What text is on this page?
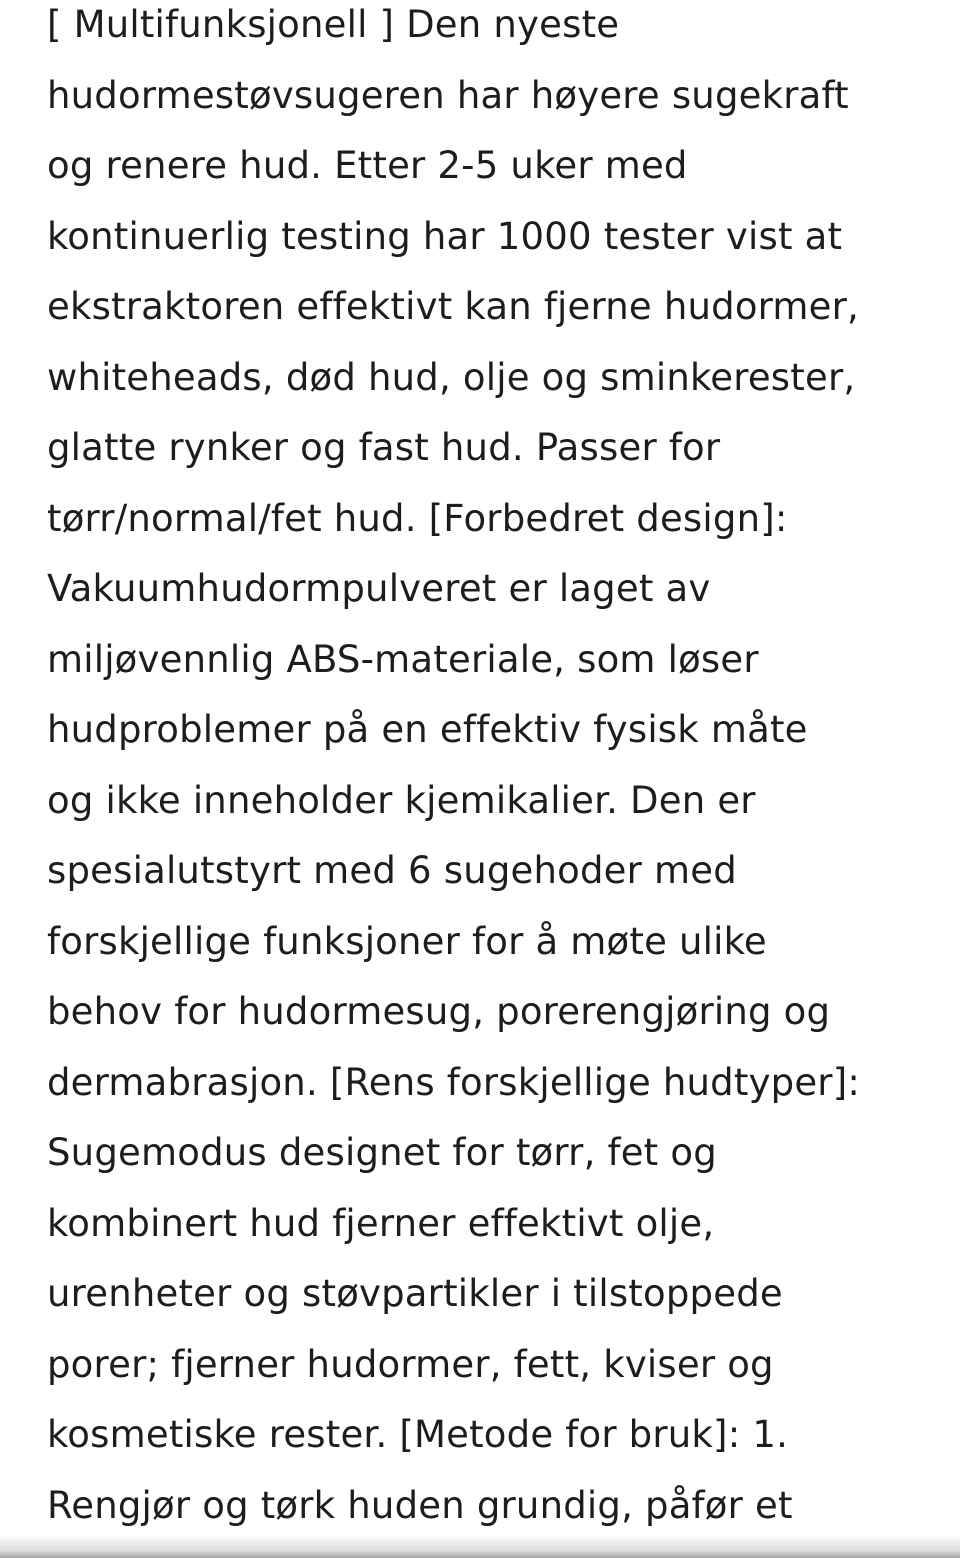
[ Multifunksjonell ] Den nyeste
hudormestøvsugeren har høyere sugekraft
og renere hud. Etter 2-5 uker med
kontinuerlig testing har 1000 tester vist at
ekstraktoren effektivt kan fjerne hudormer,
whiteheads, død hud, olje og sminkerester,
glatte rynker og fast hud. Passer for
tørr/normal/fet hud. [Forbedret design]:
Vakuumhudormpulveret er laget av
miljøvennlig ABS-materiale, som løser
hudproblemer på en effektiv fysisk måte
og ikke inneholder kjemikalier. Den er
spesialutstyrt med 6 sugehoder med
forskjellige funksjoner for å møte ulike
behov for hudormesug, porerengjøring og
dermabrasjon. [Rens forskjellige hudtyper]:
Sugemodus designet for tørr, fet og
kombinert hud fjerner effektivt olje,
urenheter og støvpartikler i tilstoppede
porer; fjerner hudormer, fett, kviser og
kosmetiske rester. [Metode for bruk]: 1.
Rengjør og tørk huden grundig, påfør et
